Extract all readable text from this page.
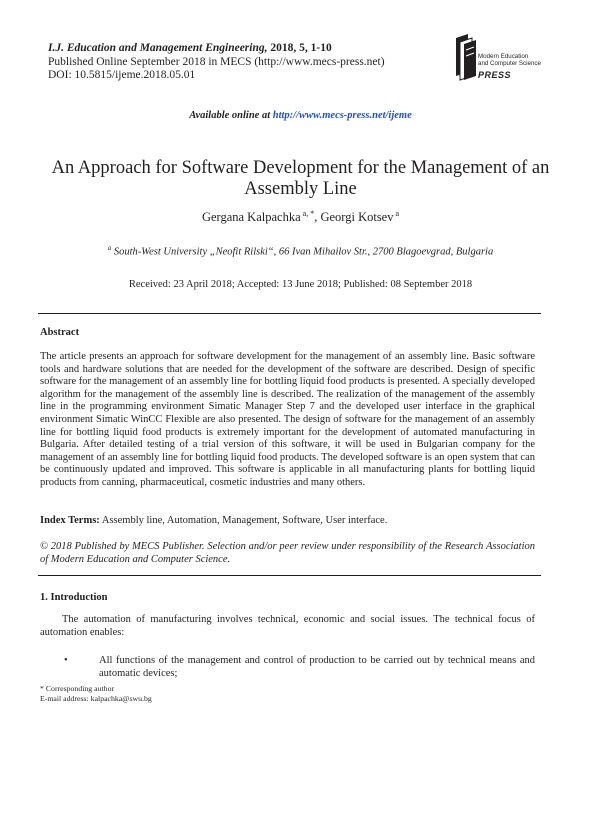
I.J. Education and Management Engineering, 2018, 5, 1-10
Published Online September 2018 in MECS (http://www.mecs-press.net)
DOI: 10.5815/ijeme.2018.05.01
Modern Education
and Computer Science
PRESS
Available online at http://www.mecs-press.net/ijeme
An Approach for Software Development for the Management of an Assembly Line
Gergana Kalpachka $^{a, *}$, Georgi Kotsev $^a$
$^a$ South-West University „Neofit Rilski“, 66 Ivan Mihailov Str., 2700 Blagoevgrad, Bulgaria
Received: 23 April 2018; Accepted: 13 June 2018; Published: 08 September 2018
Abstract
The article presents an approach for software development for the management of an assembly line. Basic software tools and hardware solutions that are needed for the development of the software are described. Design of specific software for the management of an assembly line for bottling liquid food products is presented. A specially developed algorithm for the management of the assembly line is described. The realization of the management of the assembly line in the programming environment Simatic Manager Step 7 and the developed user interface in the graphical environment Simatic WinCC Flexible are also presented. The design of software for the management of an assembly line for bottling liquid food products is extremely important for the development of automated manufacturing in Bulgaria. After detailed testing of a trial version of this software, it will be used in Bulgarian company for the management of an assembly line for bottling liquid food products. The developed software is an open system that can be continuously updated and improved. This software is applicable in all manufacturing plants for bottling liquid products from canning, pharmaceutical, cosmetic industries and many others.
Index Terms: Assembly line, Automation, Management, Software, User interface.
© 2018 Published by MECS Publisher. Selection and/or peer review under responsibility of the Research Association of Modern Education and Computer Science.
1. Introduction
The automation of manufacturing involves technical, economic and social issues. The technical focus of automation enables:
•	All functions of the management and control of production to be carried out by technical means and automatic devices;
* Corresponding author
E-mail address: kalpachka@swu.bg
